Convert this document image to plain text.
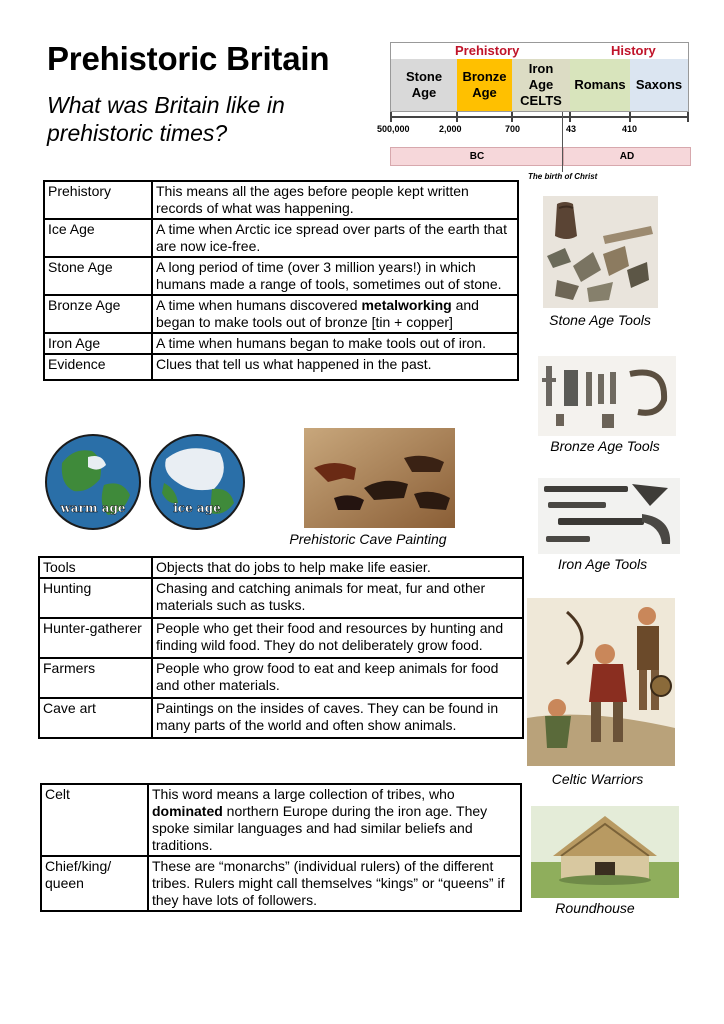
Prehistoric Britain
What was Britain like in prehistoric times?
Prehistory	History
Stone Age
Bronze Age
Iron Age
CELTS
Romans Saxons
500,000	2,000	700	43	410
BC	AD
The birth of Christ
Prehistory	This means all the ages before people kept written records of what was happening.
Ice Age	A time when Arctic ice spread over parts of the earth that are now ice-free.
Stone Age	A long period of time (over 3 million years!) in which humans made a range of tools, sometimes out of stone.
Bronze Age	A time when humans discovered metalworking and began to make tools out of bronze [tin + copper]
Iron Age	A time when humans began to make tools out of iron.
Evidence	Clues that tell us what happened in the past.
Stone Age Tools
Bronze Age Tools
warm age	ice age
Prehistoric Cave Painting
Iron Age Tools
Tools	Objects that do jobs to help make life easier.
Hunting	Chasing and catching animals for meat, fur and other materials such as tusks.
Hunter-gatherer	People who get their food and resources by hunting and finding wild food. They do not deliberately grow food.
Farmers	People who grow food to eat and keep animals for food and other materials.
Cave art	Paintings on the insides of caves. They can be found in many parts of the world and often show animals.
Celtic Warriors
Celt	This word means a large collection of tribes, who dominated northern Europe during the iron age. They spoke similar languages and had similar beliefs and traditions.
Chief/king/ queen	These are “monarchs” (individual rulers) of the different tribes. Rulers might call themselves “kings” or “queens” if they have lots of followers.	Roundhouse
